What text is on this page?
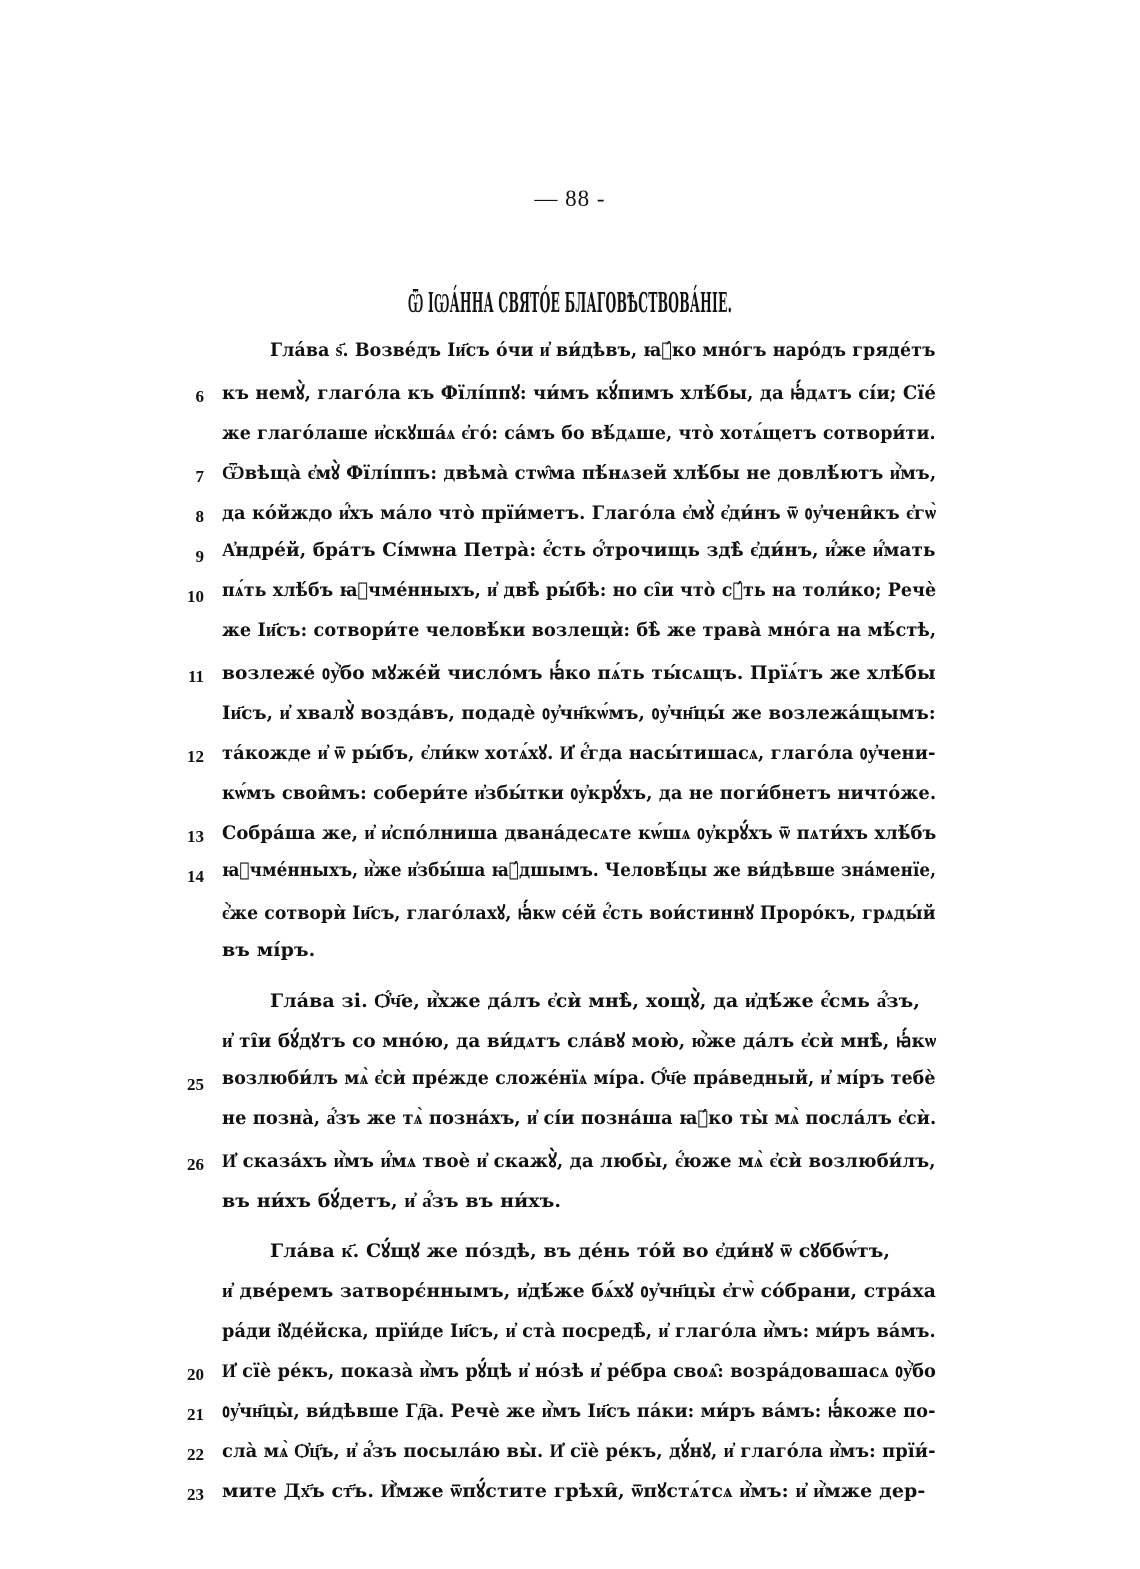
— 88 -
Ѿ ІѠА́ННА СВЯТО́Е БЛАГОВѢСТВОВА́НІЕ.
Гла́ва ѕ҃. Возве́дъ Іи҃съ о́чи и҆ ви́дѣвъ, ꙗ҆́ко мно́гъ наро́дъ гряде́тъ
6 къ немꙋ̀, глаго́ла къ Фїлі́ппꙋ: чи́мъ кꙋ́пимъ хлѣ́бы, да ꙗ҆́дѧтъ сі́и; Сїе́
же глаго́лаше и҆скꙋша́ѧ є҆го́: са́мъ бо вѣ́дѧше, что̀ хотѧ́щетъ сотвори́ти.
7 Ѿвѣща̀ є҆мꙋ̀ Фїлі́ппъ: двѣма̀ стѡ̑ма пѣ́нѧзей хлѣ́бы не довлѣ́ютъ и҆̀мъ,
8 да ко́йждо и҆́хъ ма́ло что̀ прїи́метъ. Глаго́ла є҆мꙋ̀ є҆ди́нъ ѿ ᲂу҆чени̑къ є҆гѡ̀
9 А҆ндре́й, бра́тъ Сі́мѡна Петра̀: є҆́сть ѻ҆́трочищь здѣ̀ є҆ди́нъ, и҆́же и҆́мать
10 пѧ́ть хлѣ́бъ ꙗ҆чме́нныхъ, и҆ двѣ̀ ры́бѣ: но сі̑и что̀ сꙋ́ть на толи́ко; Речѐ
же Іи҃съ: сотвори́те человѣ́ки возлещѝ: бѣ̀ же трава̀ мно́га на мѣ́стѣ,
11 возлеже́ ᲂу҆̀бо мꙋже́й число́мъ ꙗ҆́ко пѧ́ть ты́сѧщъ. Прїѧ́тъ же хлѣ́бы
Іи҃съ, и҆ хвалꙋ̀ возда́въ, подадѐ ᲂу҆чн҃кѡ́мъ, ᲂу҆чн҃цы́ же возлежа́щымъ:
12 та́кожде и҆ ѿ ры́бъ, є҆ли́кѡ хотѧ́хꙋ. И҆ є҆́гда насы́тишасѧ, глаго́ла ᲂу҆чени-
кѡ́мъ свои̑мъ: собери́те и҆збы́тки ᲂу҆крꙋ́хъ, да не поги́бнетъ ничто́же.
13 Собра́ша же, и҆ и҆спо́лниша двана́десѧте кѡ́шѧ ᲂу҆крꙋ́хъ ѿ пѧти́хъ хлѣ́бъ
14 ꙗ҆чме́нныхъ, и҆̀же и҆збы́ша ꙗ҆́дшымъ. Человѣ́цы же ви́дѣвше зна́менїе,
є҆̀же сотворѝ Іи҃съ, глаго́лахꙋ, ꙗ҆́кѡ се́й є҆́сть вои́стиннꙋ Проро́къ, грѧды́й
въ мі́ръ.
Гла́ва зі. Ѻ҆́ч҃е, и҆̀хже да́лъ є҆сѝ мнѣ̀, хощꙋ̀, да и҆дѣ́же є҆́смь а҆́зъ,
и҆ ті̑и бꙋ́дꙋтъ со мно́ю, да ви́дѧтъ сла́вꙋ мою̀, ю҆̀же да́лъ є҆сѝ мнѣ̀, ꙗ҆́кѡ
25 возлюби́лъ мѧ̀ є҆сѝ пре́жде сложе́нїѧ мі́ра. Ѻ҆́ч҃е пра́ведный, и҆ мі́ръ тебѐ
не позна̀, а҆́зъ же тѧ̀ позна́хъ, и҆ сі́и позна́ша ꙗ҆́ко ты̀ мѧ̀ посла́лъ є҆сѝ.
26 И҆ сказа́хъ и҆̀мъ и҆́мѧ твоѐ и҆ скажꙋ̀, да любы̀, є҆́юже мѧ̀ є҆сѝ возлюби́лъ,
въ ни́хъ бꙋ́детъ, и҆ а҆́зъ въ ни́хъ.
Гла́ва к҃. Сꙋ́щꙋ же по́здѣ, въ де́нь то́й во є҆ди́нꙋ ѿ сꙋббѡ́тъ,
и҆ две́ремъ затворє́ннымъ, и҆дѣ́же бѧ́хꙋ ᲂу҆чн҃цы̀ є҆гѡ̀ со́брани, стра́ха
ра́ди і҆ꙋде́йска, прїи́де Іи҃съ, и҆ ста̀ посредѣ̀, и҆ глаго́ла и҆̀мъ: ми́ръ ва́мъ.
20 И҆ сїѐ ре́къ, показа̀ и҆̀мъ рꙋ́цѣ и҆ но́зѣ и҆ ре́бра своѧ̑: возра́довашасѧ ᲂу҆̀бо
21 ᲂу҆чн҃цы̀, ви́дѣвше Гд҇а. Речѐ же и҆̀мъ Іи҃съ па́ки: ми́ръ ва́мъ: ꙗ҆́коже по-
22 сла̀ мѧ̀ Ѻ҆ц҃ъ, и҆ а҆́зъ посыла́ю вы̀. И҆ сїѐ ре́къ, дꙋ́нꙋ, и҆ глаго́ла и҆̀мъ: прїи́-
23 мите Дх҃ъ ст҃ъ. И҆̀мже ѿпꙋ́стите грѣхи̑, ѿпꙋстѧ́тсѧ и҆̀мъ: и҆ и҆̀мже дер-
